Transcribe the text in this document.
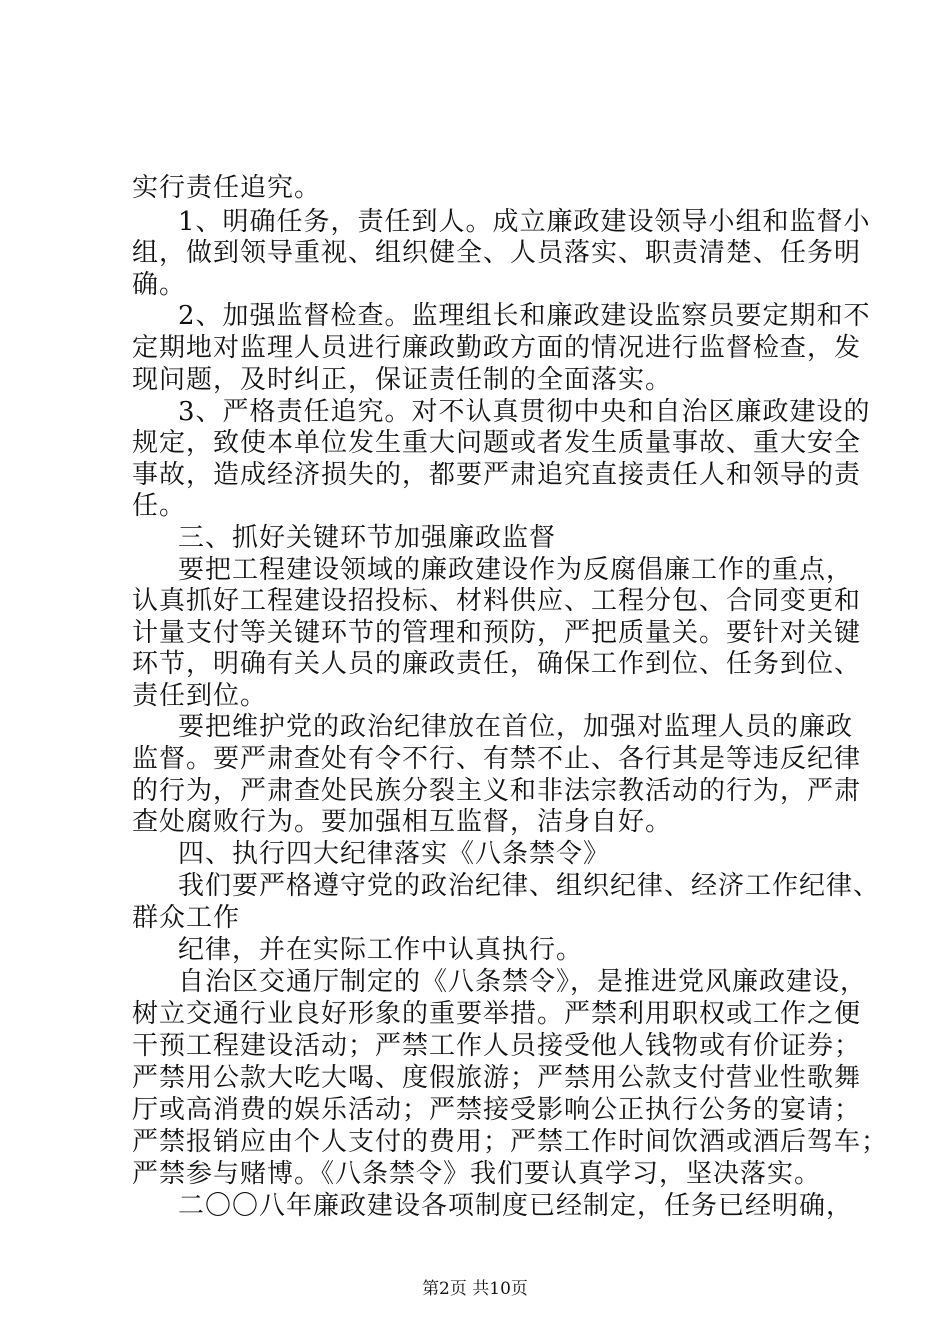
实行责任追究。
1、明确任务，责任到人。成立廉政建设领导小组和监督小
组，做到领导重视、组织健全、人员落实、职责清楚、任务明
确。
2、加强监督检查。监理组长和廉政建设监察员要定期和不
定期地对监理人员进行廉政勤政方面的情况进行监督检查，发
现问题，及时纠正，保证责任制的全面落实。
3、严格责任追究。对不认真贯彻中央和自治区廉政建设的
规定，致使本单位发生重大问题或者发生质量事故、重大安全
事故，造成经济损失的，都要严肃追究直接责任人和领导的责
任。
三、抓好关键环节加强廉政监督
要把工程建设领域的廉政建设作为反腐倡廉工作的重点，
认真抓好工程建设招投标、材料供应、工程分包、合同变更和
计量支付等关键环节的管理和预防，严把质量关。要针对关键
环节，明确有关人员的廉政责任，确保工作到位、任务到位、
责任到位。
要把维护党的政治纪律放在首位，加强对监理人员的廉政
监督。要严肃查处有令不行、有禁不止、各行其是等违反纪律
的行为，严肃查处民族分裂主义和非法宗教活动的行为，严肃
查处腐败行为。要加强相互监督，洁身自好。
四、执行四大纪律落实《八条禁令》
我们要严格遵守党的政治纪律、组织纪律、经济工作纪律、
群众工作
纪律，并在实际工作中认真执行。
自治区交通厅制定的《八条禁令》，是推进党风廉政建设，
树立交通行业良好形象的重要举措。严禁利用职权或工作之便
干预工程建设活动；严禁工作人员接受他人钱物或有价证券；
严禁用公款大吃大喝、度假旅游；严禁用公款支付营业性歌舞
厅或高消费的娱乐活动；严禁接受影响公正执行公务的宴请；
严禁报销应由个人支付的费用；严禁工作时间饮酒或酒后驾车；
严禁参与赌博。《八条禁令》我们要认真学习，坚决落实。
二〇〇八年廉政建设各项制度已经制定，任务已经明确，
第2页 共10页
